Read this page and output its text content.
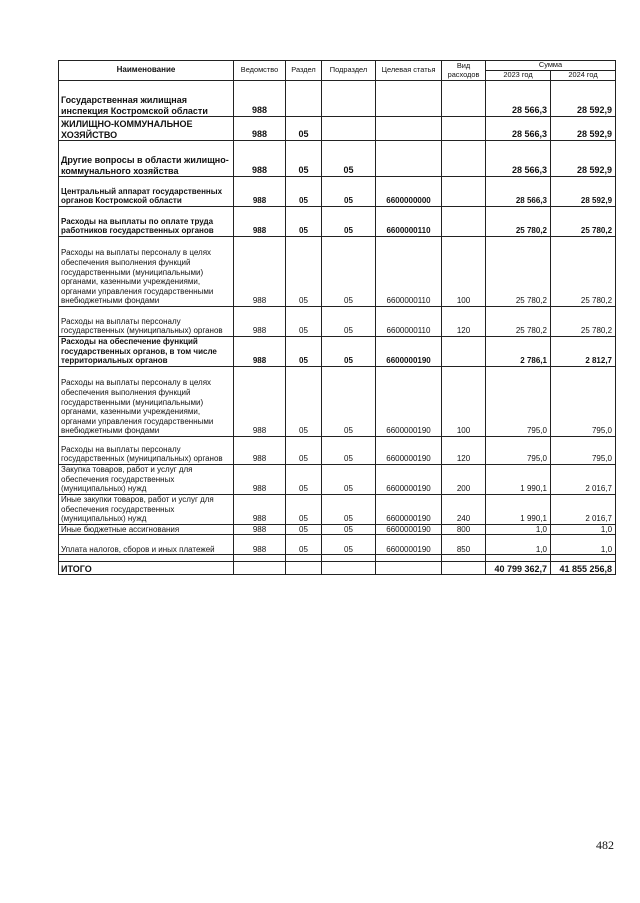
Наименование	Ведомство	Раздел	Подраздел	Целевая статья	Вид расходов	Сумма	
						2023 год	2024 год
Государственная жилищная инспекция Костромской области	988					28 566,3	28 592,9
ЖИЛИЩНО-КОММУНАЛЬНОЕ ХОЗЯЙСТВО	988	05				28 566,3	28 592,9
Другие вопросы в области жилищно-коммунального хозяйства	988	05	05			28 566,3	28 592,9
Центральный аппарат государственных органов Костромской области	988	05	05	6600000000		28 566,3	28 592,9
Расходы на выплаты по оплате труда работников государственных органов	988	05	05	6600000110		25 780,2	25 780,2
Расходы на выплаты персоналу в целях обеспечения выполнения функций государственными (муниципальными) органами, казенными учреждениями, органами управления государственными внебюджетными фондами	988	05	05	6600000110	100	25 780,2	25 780,2
Расходы на выплаты персоналу государственных (муниципальных) органов	988	05	05	6600000110	120	25 780,2	25 780,2
Расходы на обеспечение функций государственных органов, в том числе территориальных органов	988	05	05	6600000190		2 786,1	2 812,7
Расходы на выплаты персоналу в целях обеспечения выполнения функций государственными (муниципальными) органами, казенными учреждениями, органами управления государственными внебюджетными фондами	988	05	05	6600000190	100	795,0	795,0
Расходы на выплаты персоналу государственных (муниципальных) органов	988	05	05	6600000190	120	795,0	795,0
Закупка товаров, работ и услуг для обеспечения государственных (муниципальных) нужд	988	05	05	6600000190	200	1 990,1	2 016,7
Иные закупки товаров, работ и услуг для обеспечения государственных (муниципальных) нужд	988	05	05	6600000190	240	1 990,1	2 016,7
Иные бюджетные ассигнования	988	05	05	6600000190	800	1,0	1,0
Уплата налогов, сборов и иных платежей	988	05	05	6600000190	850	1,0	1,0

ИТОГО						40 799 362,7	41 855 256,8
482
